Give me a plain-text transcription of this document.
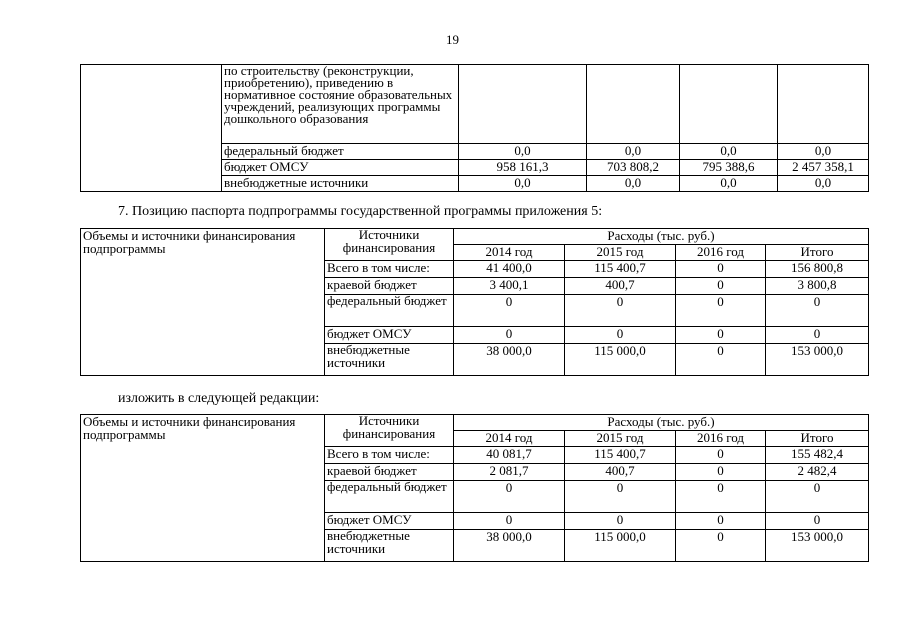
19
	по строительству (реконструкции, приобретению), приведению в нормативное состояние образовательных учреждений, реализующих программы дошкольного образования				
	федеральный бюджет	0,0	0,0	0,0	0,0
	бюджет ОМСУ	958 161,3	703 808,2	795 388,6	2 457 358,1
	внебюджетные источники	0,0	0,0	0,0	0,0
7. Позицию паспорта подпрограммы государственной программы приложения 5:
Объемы и источники финансирования подпрограммы	Источники финансирования	Расходы (тыс. руб.)			
		2014 год	2015 год	2016 год	Итого
	Всего в том числе:	41 400,0	115 400,7	0	156 800,8
	краевой бюджет	3 400,1	400,7	0	3 800,8
	федеральный бюджет	0	0	0	0
	бюджет ОМСУ	0	0	0	0
	внебюджетные источники	38 000,0	115 000,0	0	153 000,0
изложить в следующей редакции:
Объемы и источники финансирования подпрограммы	Источники финансирования	Расходы (тыс. руб.)			
		2014 год	2015 год	2016 год	Итого
	Всего в том числе:	40 081,7	115 400,7	0	155 482,4
	краевой бюджет	2 081,7	400,7	0	2 482,4
	федеральный бюджет	0	0	0	0
	бюджет ОМСУ	0	0	0	0
	внебюджетные источники	38 000,0	115 000,0	0	153 000,0
